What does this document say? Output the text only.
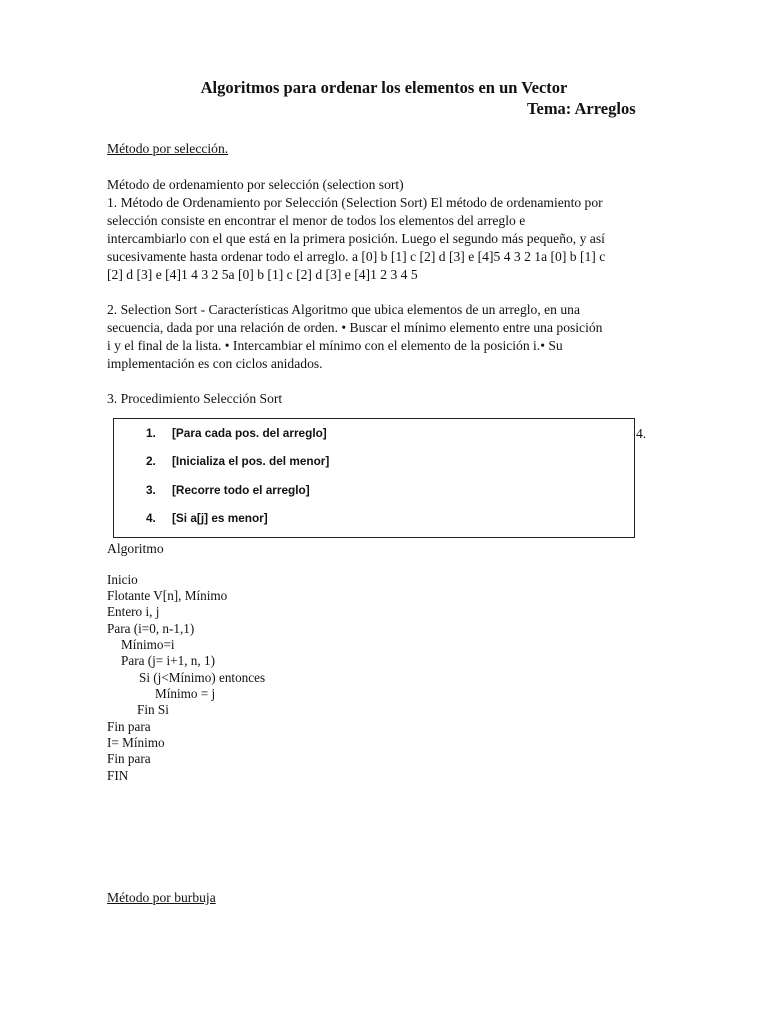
Algoritmos para ordenar los elementos en un Vector
Tema: Arreglos
Método por selección.
Método de ordenamiento por selección (selection sort)
1. Método de Ordenamiento por Selección (Selection Sort) El método de ordenamiento por
selección consiste en encontrar el menor de todos los elementos del arreglo e
intercambiarlo con el que está en la primera posición. Luego el segundo más pequeño, y así
sucesivamente hasta ordenar todo el arreglo. a [0] b [1] c [2] d [3] e [4]5 4 3 2 1a [0] b [1] c
[2] d [3] e [4]1 4 3 2 5a [0] b [1] c [2] d [3] e [4]1 2 3 4 5
2. Selection Sort - Características Algoritmo que ubica elementos de un arreglo, en una
secuencia, dada por una relación de orden. • Buscar el mínimo elemento entre una posición
i y el final de la lista. • Intercambiar el mínimo con el elemento de la posición i.• Su
implementación es con ciclos anidados.
3. Procedimiento Selección Sort
1. [Para cada pos. del arreglo]
2. [Inicializa el pos. del menor]
3. [Recorre todo el arreglo]
4. [Si a[j] es menor]
4.
Algoritmo
Inicio
Flotante V[n], Mínimo
Entero i, j
Para (i=0, n-1,1)
Mínimo=i
Para (j= i+1, n, 1)
Si (j<Mínimo) entonces
Mínimo = j
Fin Si
Fin para
I= Mínimo
Fin para
FIN
Método por burbuja
